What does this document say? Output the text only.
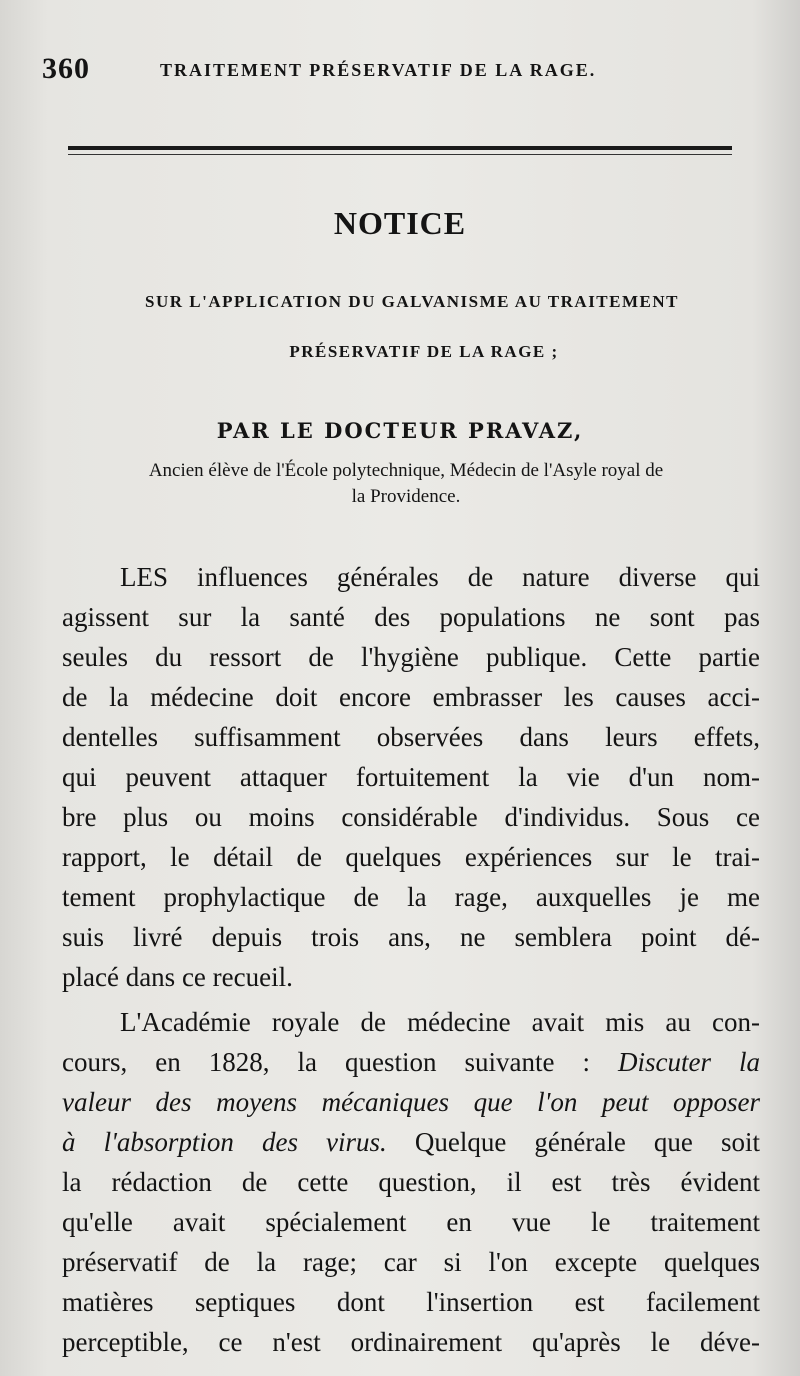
360	TRAITEMENT PRÉSERVATIF DE LA RAGE.
NOTICE
SUR L'APPLICATION DU GALVANISME AU TRAITEMENT
PRÉSERVATIF DE LA RAGE ;
PAR LE DOCTEUR PRAVAZ,
Ancien élève de l'École polytechnique, Médecin de l'Asyle royal de
la Providence.
LES influences générales de nature diverse qui
agissent sur la santé des populations ne sont pas
seules du ressort de l'hygiène publique. Cette partie
de la médecine doit encore embrasser les causes acci-
dentelles suffisamment observées dans leurs effets,
qui peuvent attaquer fortuitement la vie d'un nom-
bre plus ou moins considérable d'individus. Sous ce
rapport, le détail de quelques expériences sur le trai-
tement prophylactique de la rage, auxquelles je me
suis livré depuis trois ans, ne semblera point dé-
placé dans ce recueil.
L'Académie royale de médecine avait mis au con-
cours, en 1828, la question suivante : Discuter la
valeur des moyens mécaniques que l'on peut opposer
à l'absorption des virus. Quelque générale que soit
la rédaction de cette question, il est très évident
qu'elle avait spécialement en vue le traitement
préservatif de la rage; car si l'on excepte quelques
matières septiques dont l'insertion est facilement
perceptible, ce n'est ordinairement qu'après le déve-
